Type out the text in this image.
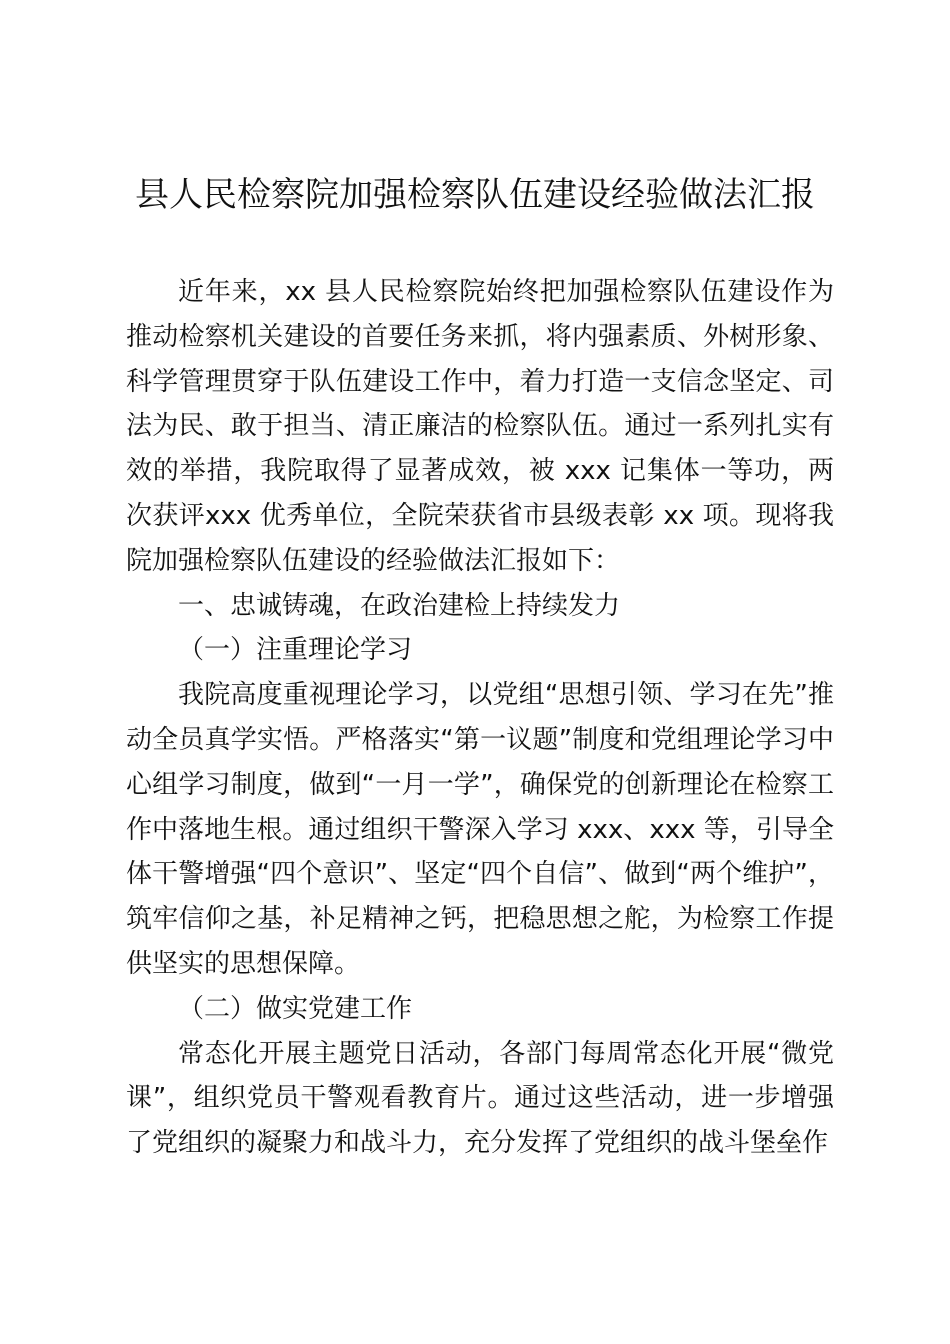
县人民检察院加强检察队伍建设经验做法汇报

近年来，xx 县人民检察院始终把加强检察队伍建设作为推动检察机关建设的首要任务来抓，将内强素质、外树形象、科学管理贯穿于队伍建设工作中，着力打造一支信念坚定、司法为民、敢于担当、清正廉洁的检察队伍。通过一系列扎实有效的举措，我院取得了显著成效，被 xxx 记集体一等功，两次获评xxx 优秀单位，全院荣获省市县级表彰 xx 项。现将我院加强检察队伍建设的经验做法汇报如下：

一、忠诚铸魂，在政治建检上持续发力

（一）注重理论学习

我院高度重视理论学习，以党组“思想引领、学习在先”推动全员真学实悟。严格落实“第一议题”制度和党组理论学习中心组学习制度，做到“一月一学”，确保党的创新理论在检察工作中落地生根。通过组织干警深入学习 xxx、xxx 等，引导全体干警增强“四个意识”、坚定“四个自信”、做到“两个维护”，筑牢信仰之基，补足精神之钙，把稳思想之舵，为检察工作提供坚实的思想保障。

（二）做实党建工作

常态化开展主题党日活动，各部门每周常态化开展“微党课”，组织党员干警观看教育片。通过这些活动，进一步增强了党组织的凝聚力和战斗力，充分发挥了党组织的战斗堡垒作
